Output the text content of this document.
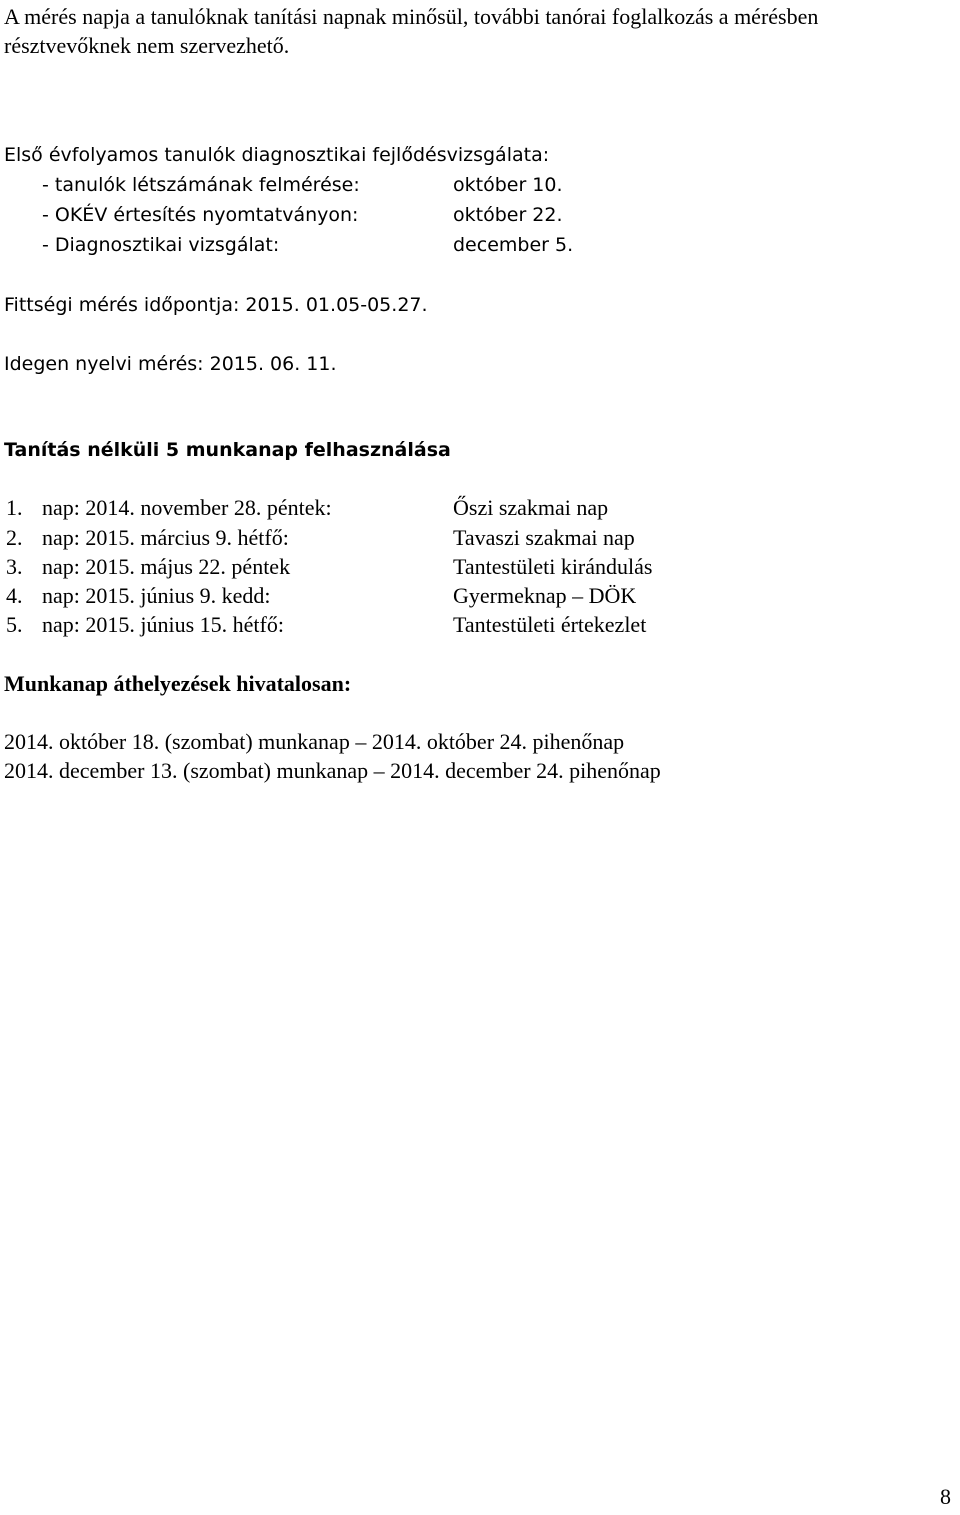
A mérés napja a tanulóknak tanítási napnak minősül, további tanórai foglalkozás a mérésben
résztvevőknek nem szervezhető.
Első évfolyamos tanulók diagnosztikai fejlődésvizsgálata:
- tanulók létszámának felmérése:	október 10.
- OKÉV értesítés nyomtatványon:	október 22.
- Diagnosztikai vizsgálat:	december 5.
Fittségi mérés időpontja: 2015. 01.05-05.27.
Idegen nyelvi mérés: 2015. 06. 11.
Tanítás nélküli 5 munkanap felhasználása
1. nap: 2014. november 28. péntek:	Őszi szakmai nap
2. nap: 2015. március 9. hétfő:	Tavaszi szakmai nap
3. nap: 2015. május 22. péntek	Tantestületi kirándulás
4. nap: 2015. június 9. kedd:	Gyermeknap – DÖK
5. nap: 2015. június 15. hétfő:	Tantestületi értekezlet
Munkanap áthelyezések hivatalosan:
2014. október 18. (szombat) munkanap – 2014. október 24. pihenőnap
2014. december 13. (szombat) munkanap – 2014. december 24. pihenőnap
8
